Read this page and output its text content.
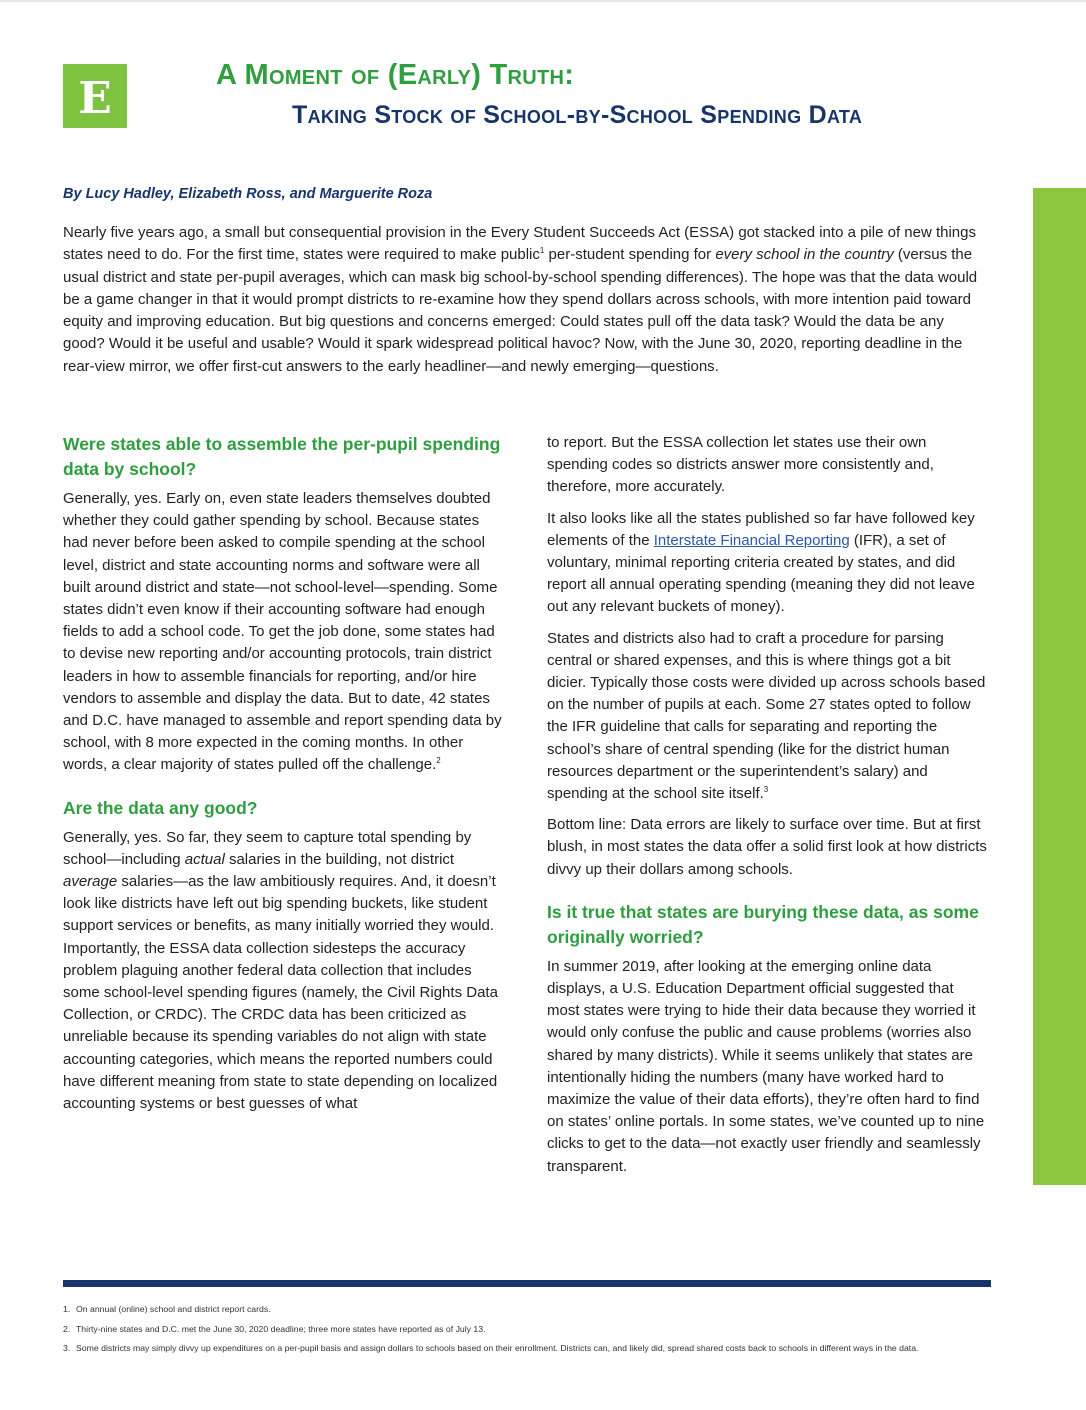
E	A Moment of (Early) Truth:
Taking Stock of School-by-School Spending Data

By Lucy Hadley, Elizabeth Ross, and Marguerite Roza

Nearly five years ago, a small but consequential provision in the Every Student Succeeds Act (ESSA) got stacked into a pile of new things states need to do. For the first time, states were required to make public$^1$ per-student spending for every school in the country (versus the usual district and state per-pupil averages, which can mask big school-by-school spending differences). The hope was that the data would be a game changer in that it would prompt districts to re-examine how they spend dollars across schools, with more intention paid toward equity and improving education. But big questions and concerns emerged: Could states pull off the data task? Would the data be any good? Would it be useful and usable? Would it spark widespread political havoc? Now, with the June 30, 2020, reporting deadline in the rear-view mirror, we offer first-cut answers to the early headliner—and newly emerging—questions.

Were states able to assemble the per-pupil spending data by school?

Generally, yes. Early on, even state leaders themselves doubted whether they could gather spending by school. Because states had never before been asked to compile spending at the school level, district and state accounting norms and software were all built around district and state—not school-level—spending. Some states didn’t even know if their accounting software had enough fields to add a school code. To get the job done, some states had to devise new reporting and/or accounting protocols, train district leaders in how to assemble financials for reporting, and/or hire vendors to assemble and display the data. But to date, 42 states and D.C. have managed to assemble and report spending data by school, with 8 more expected in the coming months. In other words, a clear majority of states pulled off the challenge.$^2$

Are the data any good?

Generally, yes. So far, they seem to capture total spending by school—including actual salaries in the building, not district average salaries—as the law ambitiously requires. And, it doesn’t look like districts have left out big spending buckets, like student support services or benefits, as many initially worried they would. Importantly, the ESSA data collection sidesteps the accuracy problem plaguing another federal data collection that includes some school-level spending figures (namely, the Civil Rights Data Collection, or CRDC). The CRDC data has been criticized as unreliable because its spending variables do not align with state accounting categories, which means the reported numbers could have different meaning from state to state depending on localized accounting systems or best guesses of what

to report. But the ESSA collection let states use their own spending codes so districts answer more consistently and, therefore, more accurately.

It also looks like all the states published so far have followed key elements of the Interstate Financial Reporting (IFR), a set of voluntary, minimal reporting criteria created by states, and did report all annual operating spending (meaning they did not leave out any relevant buckets of money).

States and districts also had to craft a procedure for parsing central or shared expenses, and this is where things got a bit dicier. Typically those costs were divided up across schools based on the number of pupils at each. Some 27 states opted to follow the IFR guideline that calls for separating and reporting the school’s share of central spending (like for the district human resources department or the superintendent’s salary) and spending at the school site itself.$^3$

Bottom line: Data errors are likely to surface over time. But at first blush, in most states the data offer a solid first look at how districts divvy up their dollars among schools.

Is it true that states are burying these data, as some originally worried?

In summer 2019, after looking at the emerging online data displays, a U.S. Education Department official suggested that most states were trying to hide their data because they worried it would only confuse the public and cause problems (worries also shared by many districts). While it seems unlikely that states are intentionally hiding the numbers (many have worked hard to maximize the value of their data efforts), they’re often hard to find on states’ online portals. In some states, we’ve counted up to nine clicks to get to the data—not exactly user friendly and seamlessly transparent.

1. On annual (online) school and district report cards.
2. Thirty-nine states and D.C. met the June 30, 2020 deadline; three more states have reported as of July 13.
3. Some districts may simply divvy up expenditures on a per-pupil basis and assign dollars to schools based on their enrollment. Districts can, and likely did, spread shared costs back to schools in different ways in the data.
